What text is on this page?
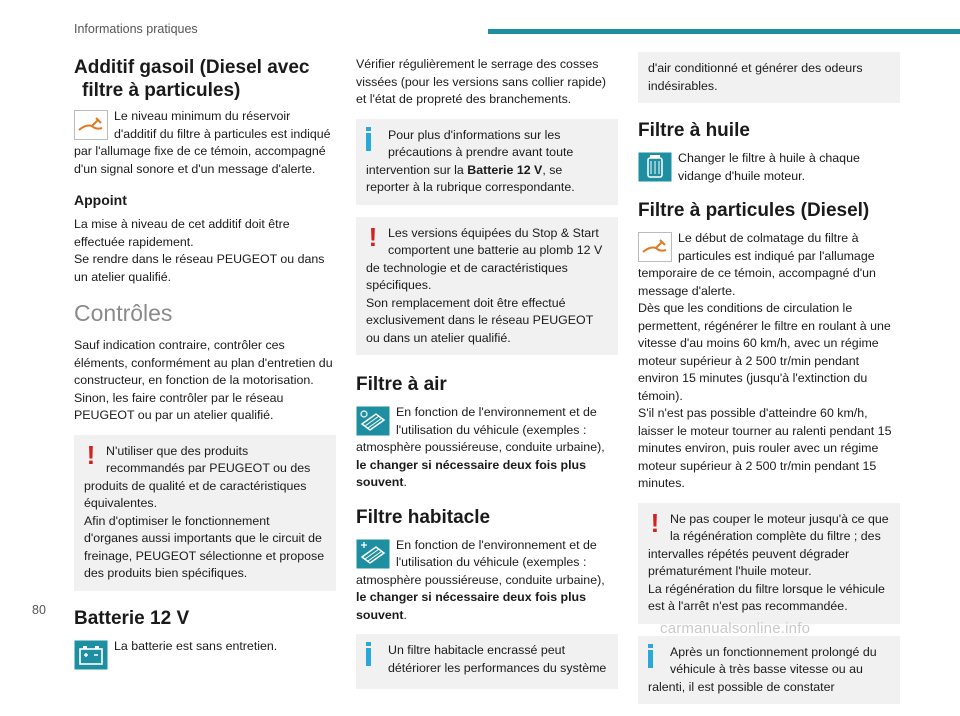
Informations pratiques
Additif gasoil (Diesel avec
filtre à particules)
Le niveau minimum du réservoir d'additif du filtre à particules est indiqué par l'allumage fixe de ce témoin, accompagné d'un signal sonore et d'un message d'alerte.
Appoint

La mise à niveau de cet additif doit être effectuée rapidement.
Se rendre dans le réseau PEUGEOT ou dans un atelier qualifié.

Contrôles

Sauf indication contraire, contrôler ces éléments, conformément au plan d'entretien du constructeur, en fonction de la motorisation. Sinon, les faire contrôler par le réseau PEUGEOT ou par un atelier qualifié.

! N'utiliser que des produits recommandés par PEUGEOT ou des produits de qualité et de caractéristiques équivalentes.
Afin d'optimiser le fonctionnement d'organes aussi importants que le circuit de freinage, PEUGEOT sélectionne et propose des produits bien spécifiques.
Batterie 12 V
La batterie est sans entretien.

Vérifier régulièrement le serrage des cosses vissées (pour les versions sans collier rapide) et l'état de propreté des branchements.

Pour plus d'informations sur les précautions à prendre avant toute intervention sur la Batterie 12 V, se reporter à la rubrique correspondante.
! Les versions équipées du Stop & Start comportent une batterie au plomb 12 V de technologie et de caractéristiques spécifiques.
Son remplacement doit être effectué exclusivement dans le réseau PEUGEOT ou dans un atelier qualifié.
Filtre à air
En fonction de l'environnement et de l'utilisation du véhicule (exemples : atmosphère poussiéreuse, conduite urbaine), le changer si nécessaire deux fois plus souvent.
Filtre habitacle
En fonction de l'environnement et de l'utilisation du véhicule (exemples : atmosphère poussiéreuse, conduite urbaine), le changer si nécessaire deux fois plus souvent.
Un filtre habitacle encrassé peut détériorer les performances du système
d'air conditionné et générer des odeurs indésirables.
Filtre à huile
Changer le filtre à huile à chaque vidange d'huile moteur.
Filtre à particules (Diesel)
Le début de colmatage du filtre à particules est indiqué par l'allumage temporaire de ce témoin, accompagné d'un message d'alerte.
Dès que les conditions de circulation le permettent, régénérer le filtre en roulant à une vitesse d'au moins 60 km/h, avec un régime moteur supérieur à 2 500 tr/min pendant environ 15 minutes (jusqu'à l'extinction du témoin).
S'il n'est pas possible d'atteindre 60 km/h, laisser le moteur tourner au ralenti pendant 15 minutes environ, puis rouler avec un régime moteur supérieur à 2 500 tr/min pendant 15 minutes.
! Ne pas couper le moteur jusqu'à ce que la régénération complète du filtre ; des intervalles répétés peuvent dégrader prématurément l'huile moteur.
La régénération du filtre lorsque le véhicule est à l'arrêt n'est pas recommandée.
Après un fonctionnement prolongé du véhicule à très basse vitesse ou au ralenti, il est possible de constater
80
carmanualsonline.info
